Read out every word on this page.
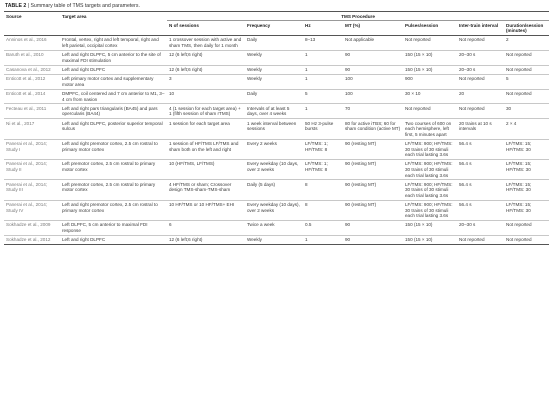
TABLE 2 | Summary table of TMS targets and parameters.
Source	Target area	TMS Procedure						
		N of sessions	Frequency	Hz	MT (%)	Pulses/session	Inter-train interval	Duration/session (minutes)
Anninos et al., 2016	Frontal, vertex, right and left temporal, right and left parietal, occipital cortex	1 crossover session with active and sham TMS, then daily for 1 month	Daily	8–13	Not applicable	Not reported	Not reported	2
Baruth et al., 2010	Left and right DLPFC, 5 cm anterior to the site of maximal FDI stimulation	12 (6 left;6 right)	Weekly	1	90	150 (15 × 10)	20–30 s	Not reported
Casanova et al., 2012	Left and right DLPFC	12 (6 left;6 right)	Weekly	1	90	150 (15 × 10)	20–30 s	Not reported
Enticott et al., 2012	Left primary motor cortex and supplementary motor area	3	Weekly	1	100	900	Not reported	5
Enticott et al., 2014	DMPFC, coil centered and 7 cm anterior to M1, 3–4 cm from nasion	10	Daily	5	100	30 × 10	20	Not reported
Fecteau et al., 2011	Left and right pars triangularis (BA45) and pars opercularis (BA44)	4 (1 session for each target area) + 1 (fifth session of sham rTMS)	Intervals of at least 5 days, over 4 weeks	1	70	Not reported	Not reported	30
Ni et al., 2017	Left and right DLPFC, posterior superior temporal sulcus	1 session for each target area	1 week interval between sessions	50 Hz 3-pulse bursts	80 for active iTBS; 60 for sham condition (active MT)	Two courses of 600 on each hemisphere, left first, 5 minutes apart	20 trains at 10 s intervals	2 × 4
Panerai et al., 2014; Study I	Left and right premotor cortex, 2.5 cm rostral to primary motor cortex	1 session of HF/TMS LF/TMS and sham both on the left and right	Every 2 weeks	LF/TMS: 1; HF/TMS: 8	90 (resting MT)	LF/TMS: 900; HF/TMS: 30 trains of 30 stimuli each trial lasting 3.6s	56.4 s	LF/TMS: 15; HF/TMS: 30
Panerai et al., 2014; Study II	Left premotor cortex, 2.5 cm rostral to primary motor cortex	10 (HF/TMS, LF/TMS)	Every weekday (10 days, over 2 weeks	LF/TMS: 1; HF/TMS: 8	90 (resting MT)	LF/TMS: 900; HF/TMS: 30 trains of 30 stimuli each trial lasting 3.6s	56.4 s	LF/TMS: 15; HF/TMS: 30
Panerai et al., 2014; Study III	Left premotor cortex, 2.5 cm rostral to primary motor cortex	4 HF/TMS or sham; Crossover design TMS-sham-TMS-sham	Daily (5 days)	8	90 (resting MT)	LF/TMS: 900; HF/TMS: 30 trains of 30 stimuli each trial lasting 3.6s	56.4 s	LF/TMS: 15; HF/TMS: 30
Panerai et al., 2014; Study IV	Left and right premotor cortex, 2.5 cm rostral to primary motor cortex	10 HF/TMS or 10 HF/TMS+ EHI	Every weekday (10 days), over 2 weeks	8	90 (resting MT)	LF/TMS: 900; HF/TMS: 30 trains of 30 stimuli each trial lasting 3.6s	56.4 s	LF/TMS: 15; HF/TMS: 30
Sokhadze et al., 2009	Left DLPFC, 5 cm anterior to maximal FDI response	6	Twice a week	0.5	90	150 (15 × 10)	20–30 s	Not reported
Sokhadze et al., 2012	Left and right DLPFC	12 (6 left;6 right)	Weekly	1	90	150 (15 × 10)	Not reported	Not reported
